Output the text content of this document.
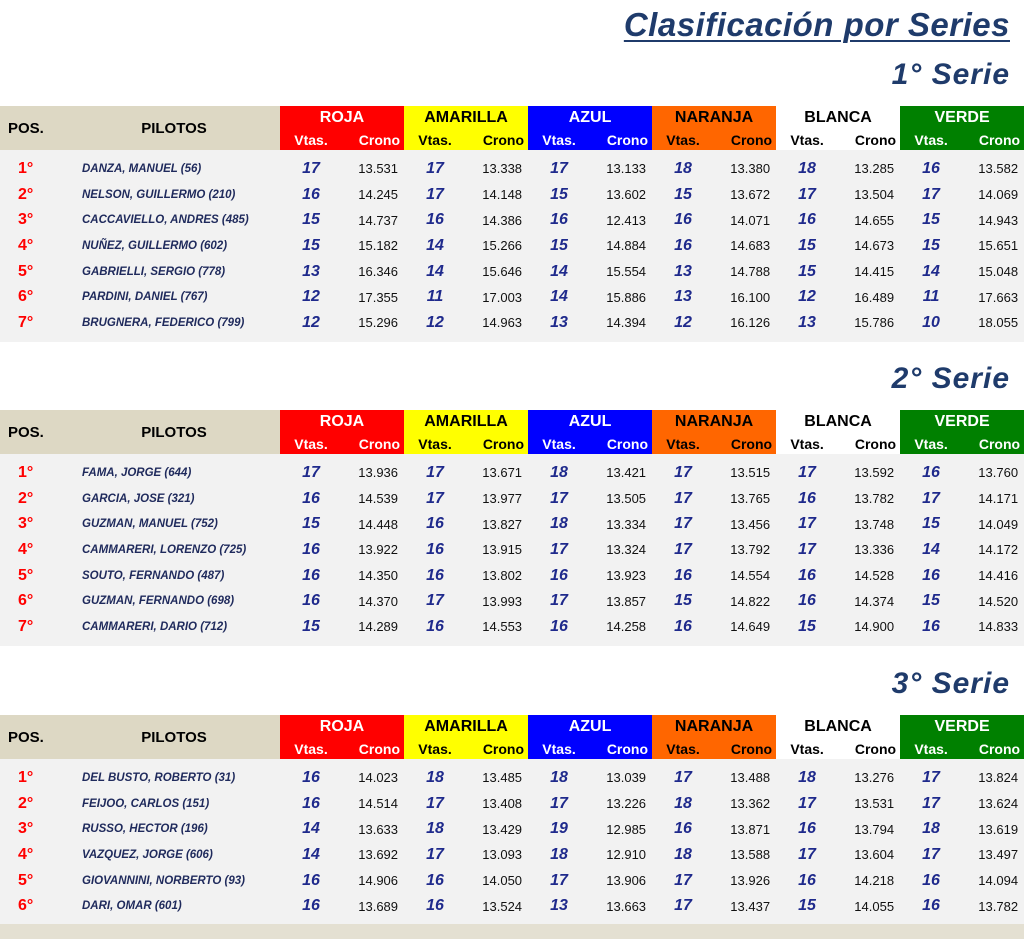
Clasificación por Series
1° Serie
POS.	PILOTOS	ROJA		AMARILLA		AZUL		NARANJA		BLANCA		VERDE	
		Vtas.	Crono	Vtas.	Crono	Vtas.	Crono	Vtas.	Crono	Vtas.	Crono	Vtas.	Crono

1°	DANZA, MANUEL (56)	17	13.531	17	13.338	17	13.133	18	13.380	18	13.285	16	13.582
2°	NELSON, GUILLERMO (210)	16	14.245	17	14.148	15	13.602	15	13.672	17	13.504	17	14.069
3°	CACCAVIELLO, ANDRES (485)	15	14.737	16	14.386	16	12.413	16	14.071	16	14.655	15	14.943
4°	NUÑEZ, GUILLERMO (602)	15	15.182	14	15.266	15	14.884	16	14.683	15	14.673	15	15.651
5°	GABRIELLI, SERGIO (778)	13	16.346	14	15.646	14	15.554	13	14.788	15	14.415	14	15.048
6°	PARDINI, DANIEL (767)	12	17.355	11	17.003	14	15.886	13	16.100	12	16.489	11	17.663
7°	BRUGNERA, FEDERICO (799)	12	15.296	12	14.963	13	14.394	12	16.126	13	15.786	10	18.055

2° Serie
POS.	PILOTOS	ROJA		AMARILLA		AZUL		NARANJA		BLANCA		VERDE	
		Vtas.	Crono	Vtas.	Crono	Vtas.	Crono	Vtas.	Crono	Vtas.	Crono	Vtas.	Crono

1°	FAMA, JORGE (644)	17	13.936	17	13.671	18	13.421	17	13.515	17	13.592	16	13.760
2°	GARCIA, JOSE (321)	16	14.539	17	13.977	17	13.505	17	13.765	16	13.782	17	14.171
3°	GUZMAN, MANUEL (752)	15	14.448	16	13.827	18	13.334	17	13.456	17	13.748	15	14.049
4°	CAMMARERI, LORENZO (725)	16	13.922	16	13.915	17	13.324	17	13.792	17	13.336	14	14.172
5°	SOUTO, FERNANDO (487)	16	14.350	16	13.802	16	13.923	16	14.554	16	14.528	16	14.416
6°	GUZMAN, FERNANDO (698)	16	14.370	17	13.993	17	13.857	15	14.822	16	14.374	15	14.520
7°	CAMMARERI, DARIO (712)	15	14.289	16	14.553	16	14.258	16	14.649	15	14.900	16	14.833

3° Serie
POS.	PILOTOS	ROJA		AMARILLA		AZUL		NARANJA		BLANCA		VERDE	
		Vtas.	Crono	Vtas.	Crono	Vtas.	Crono	Vtas.	Crono	Vtas.	Crono	Vtas.	Crono

1°	DEL BUSTO, ROBERTO (31)	16	14.023	18	13.485	18	13.039	17	13.488	18	13.276	17	13.824
2°	FEIJOO, CARLOS (151)	16	14.514	17	13.408	17	13.226	18	13.362	17	13.531	17	13.624
3°	RUSSO, HECTOR (196)	14	13.633	18	13.429	19	12.985	16	13.871	16	13.794	18	13.619
4°	VAZQUEZ, JORGE (606)	14	13.692	17	13.093	18	12.910	18	13.588	17	13.604	17	13.497
5°	GIOVANNINI, NORBERTO (93)	16	14.906	16	14.050	17	13.906	17	13.926	16	14.218	16	14.094
6°	DARI, OMAR (601)	16	13.689	16	13.524	13	13.663	17	13.437	15	14.055	16	13.782
